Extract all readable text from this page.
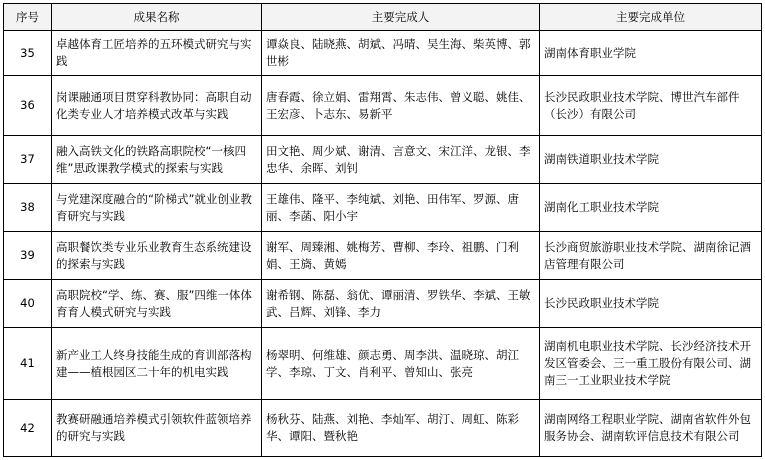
序号	成果名称	主要完成人	主要完成单位
35	卓越体育工匠培养的五环模式研究与实践	谭焱良、陆晓燕、胡斌、冯晴、吴生海、柴英博、郭世彬	湖南体育职业学院
36	岗课融通项目贯穿科教协同：高职自动化类专业人才培养模式改革与实践	唐春霞、徐立娟、雷翔霄、朱志伟、曾义聪、姚佳、王宏彦、卜志东、易新平	长沙民政职业技术学院、博世汽车部件（长沙）有限公司
37	融入高铁文化的铁路高职院校“一核四维”思政课教学模式的探索与实践	田文艳、周少斌、谢清、言意文、宋江洋、龙银、李忠华、余晖、刘钊	湖南铁道职业技术学院
38	与党建深度融合的“阶梯式”就业创业教育研究与实践	王雄伟、隆平、李纯斌、刘艳、田伟军、罗源、唐丽、李菡、阳小宇	湖南化工职业技术学院
39	高职餐饮类专业乐业教育生态系统建设的探索与实践	谢军、周臻湘、姚梅芳、曹柳、李玲、祖鹏、门利娟、王旖、黄嫣	长沙商贸旅游职业技术学院、湖南徐记酒店管理有限公司
40	高职院校“学、练、赛、服”四维一体体育育人模式研究与实践	谢希钢、陈磊、翁优、谭丽清、罗铁华、李斌、王敏武、吕辉、刘锋、李力	长沙民政职业技术学院
41	新产业工人终身技能生成的育训部落构建——植根园区二十年的机电实践	杨翠明、何维雄、颜志勇、周李洪、温晓琼、胡江学、李琼、丁文、肖利平、曾知山、张亮	湖南机电职业技术学院、长沙经济技术开发区管委会、三一重工股份有限公司、湖南三一工业职业技术学院
42	教赛研融通培养模式引领软件蓝领培养的研究与实践	杨秋芬、陆燕、刘艳、李灿军、胡汀、周虹、陈彩华、谭阳、暨秋艳	湖南网络工程职业学院、湖南省软件外包服务协会、湖南软评信息技术有限公司
